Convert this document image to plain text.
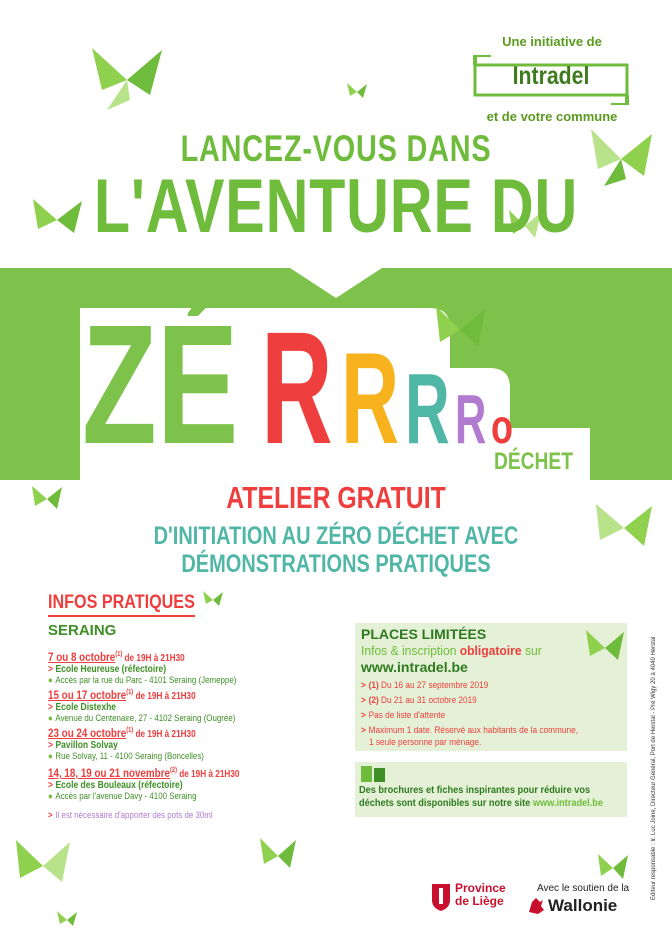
Une initiative de
Intradel
et de votre commune
LANCEZ-VOUS DANS
L'AVENTURE DU
ZÉ RRRR o
DÉCHET
ATELIER GRATUIT
D'INITIATION AU ZÉRO DÉCHET AVEC
DÉMONSTRATIONS PRATIQUES
INFOS PRATIQUES
SERAING
7 ou 8 octobre$^{(1)}$ de 19H à 21H30
> Ecole Heureuse (réfectoire)
● Accès par la rue du Parc - 4101 Seraing (Jemeppe)
15 ou 17 octobre$^{(1)}$ de 19H à 21H30
> Ecole Distexhe
● Avenue du Centenaire, 27 - 4102 Seraing (Ougrée)
23 ou 24 octobre$^{(1)}$ de 19H à 21H30
> Pavillon Solvay
● Rue Solvay, 11 - 4100 Seraing (Boncelles)
14, 18, 19 ou 21 novembre$^{(2)}$ de 19H à 21H30
> Ecole des Bouleaux (réfectoire)
● Accès par l'avenue Davy - 4100 Seraing
> Il est nécessaire d'apporter des pots de 30ml
PLACES LIMITÉES
Infos & inscription obligatoire sur
www.intradel.be
> (1) Du 16 au 27 septembre 2019
> (2) Du 21 au 31 octobre 2019
> Pas de liste d'attente
> Maximum 1 date. Réservé aux habitants de la commune,
1 seule personne par ménage.
Des brochures et fiches inspirantes pour réduire vos déchets sont disponibles sur notre site www.intradel.be	Editeur responsable : Ir. Luc Joine, Directeur Général, Port de Herstal - Pré Wigy 20 à 4040 Herstal
Province
de Liège
Avec le soutien de la
Wallonie
